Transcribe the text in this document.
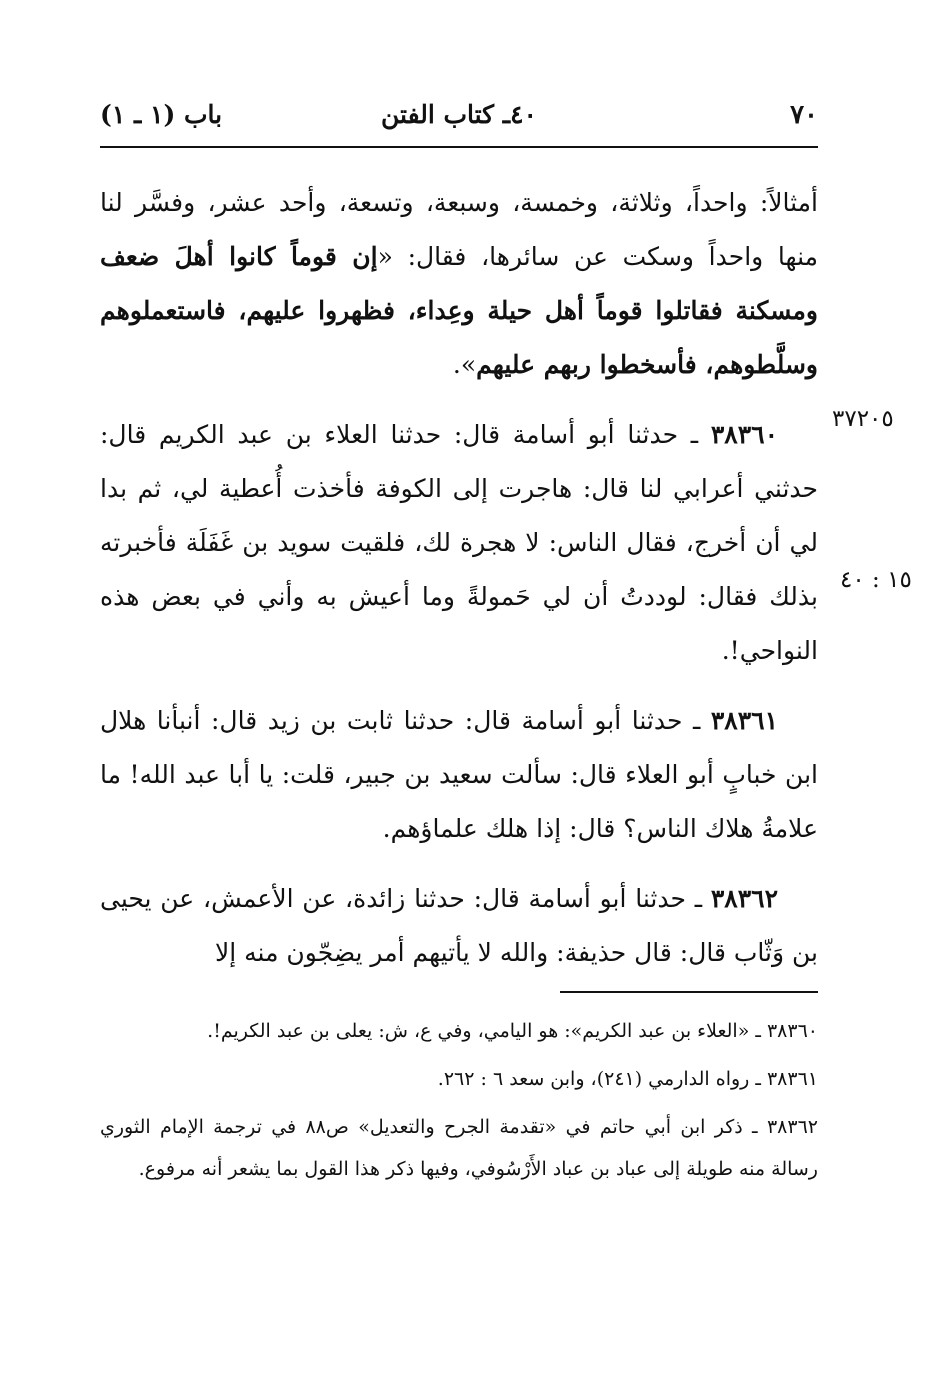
٧٠
٤٠ـ كتاب الفتن
باب (١ ـ ١)
٣٧٢٠٥
١٥ : ٤٠

أمثالاً: واحداً، وثلاثة، وخمسة، وسبعة، وتسعة، وأحد عشر، وفسَّر لنا منها واحداً وسكت عن سائرها، فقال: «إن قوماً كانوا أهلَ ضعف ومسكنة فقاتلوا قوماً أهل حيلة وعِداء، فظهروا عليهم، فاستعملوهم وسلَّطوهم، فأسخطوا ربهم عليهم».

٣٨٣٦٠ ـ حدثنا أبو أسامة قال: حدثنا العلاء بن عبد الكريم قال: حدثني أعرابي لنا قال: هاجرت إلى الكوفة فأخذت أُعطية لي، ثم بدا لي أن أخرج، فقال الناس: لا هجرة لك، فلقيت سويد بن غَفَلَة فأخبرته بذلك فقال: لوددتُ أن لي حَمولةً وما أعيش به وأني في بعض هذه النواحي!.

٣٨٣٦١ ـ حدثنا أبو أسامة قال: حدثنا ثابت بن زيد قال: أنبأنا هلال ابن خبابٍ أبو العلاء قال: سألت سعيد بن جبير، قلت: يا أبا عبد الله! ما علامةُ هلاك الناس؟ قال: إذا هلك علماؤهم.

٣٨٣٦٢ ـ حدثنا أبو أسامة قال: حدثنا زائدة، عن الأعمش، عن يحيى بن وَثّاب قال: قال حذيفة: والله لا يأتيهم أمر يضِجّون منه إلا

٣٨٣٦٠ ـ «العلاء بن عبد الكريم»: هو اليامي، وفي ع، ش: يعلى بن عبد الكريم!.

٣٨٣٦١ ـ رواه الدارمي (٢٤١)، وابن سعد ٦ : ٢٦٢.

٣٨٣٦٢ ـ ذكر ابن أبي حاتم في «تقدمة الجرح والتعديل» ص٨٨ في ترجمة الإمام الثوري رسالة منه طويلة إلى عباد بن عباد الأَرْسُوفي، وفيها ذكر هذا القول بما يشعر أنه مرفوع.
